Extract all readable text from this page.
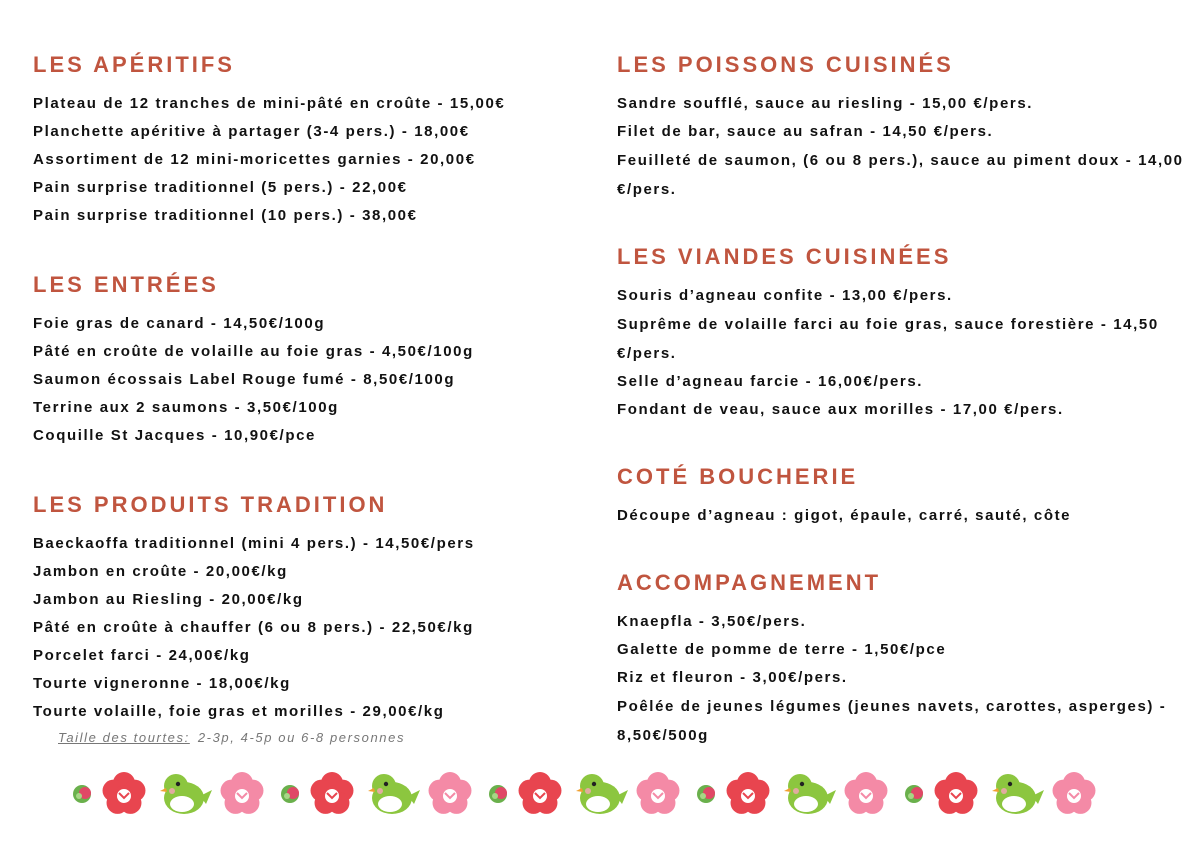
LES APÉRITIFS

Plateau de 12 tranches de mini-pâté en croûte - 15,00€

Planchette apéritive à partager (3-4 pers.) - 18,00€

Assortiment de 12 mini-moricettes garnies - 20,00€

Pain surprise traditionnel (5 pers.) - 22,00€

Pain surprise traditionnel (10 pers.) - 38,00€

LES ENTRÉES

Foie gras de canard - 14,50€/100g

Pâté en croûte de volaille au foie gras - 4,50€/100g

Saumon écossais Label Rouge fumé - 8,50€/100g

Terrine aux 2 saumons - 3,50€/100g

Coquille St Jacques - 10,90€/pce

LES PRODUITS TRADITION

Baeckaoffa traditionnel (mini 4 pers.) - 14,50€/pers

Jambon en croûte - 20,00€/kg

Jambon au Riesling - 20,00€/kg

Pâté en croûte à chauffer (6 ou 8 pers.) - 22,50€/kg

Porcelet farci - 24,00€/kg

Tourte vigneronne - 18,00€/kg

Tourte volaille, foie gras et morilles - 29,00€/kg

Taille des tourtes: 2-3p, 4-5p ou 6-8 personnes

LES POISSONS CUISINÉS

Sandre soufflé, sauce au riesling - 15,00 €/pers.

Filet de bar, sauce au safran - 14,50 €/pers.

Feuilleté de saumon, (6 ou 8 pers.), sauce au piment doux - 14,00 €/pers.

LES VIANDES CUISINÉES

Souris d’agneau confite - 13,00 €/pers.

Suprême de volaille farci au foie gras, sauce forestière - 14,50 €/pers.

Selle d’agneau farcie - 16,00€/pers.

Fondant de veau, sauce aux morilles - 17,00 €/pers.

COTÉ BOUCHERIE

Découpe d’agneau : gigot, épaule, carré, sauté, côte

ACCOMPAGNEMENT

Knaepfla - 3,50€/pers.

Galette de pomme de terre - 1,50€/pce

Riz et fleuron - 3,00€/pers.

Poêlée de jeunes légumes (jeunes navets, carottes, asperges) - 8,50€/500g
